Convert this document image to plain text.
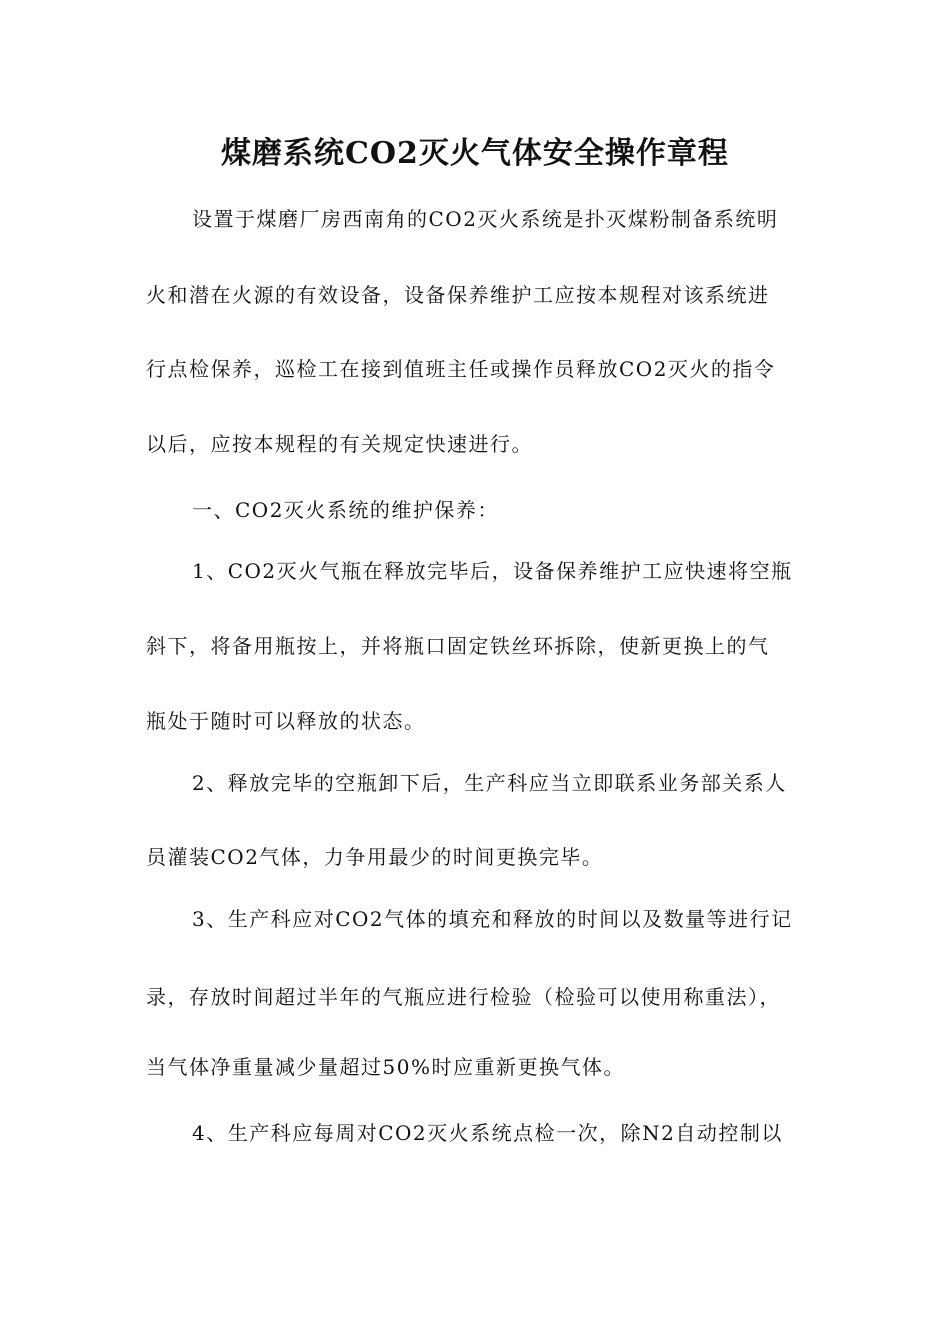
煤磨系统CO2灭火气体安全操作章程
设置于煤磨厂房西南角的CO2灭火系统是扑灭煤粉制备系统明
火和潜在火源的有效设备，设备保养维护工应按本规程对该系统进
行点检保养，巡检工在接到值班主任或操作员释放CO2灭火的指令
以后，应按本规程的有关规定快速进行。
一、CO2灭火系统的维护保养：
1、CO2灭火气瓶在释放完毕后，设备保养维护工应快速将空瓶
斜下，将备用瓶按上，并将瓶口固定铁丝环拆除，使新更换上的气
瓶处于随时可以释放的状态。
2、释放完毕的空瓶卸下后，生产科应当立即联系业务部关系人
员灌装CO2气体，力争用最少的时间更换完毕。
3、生产科应对CO2气体的填充和释放的时间以及数量等进行记
录，存放时间超过半年的气瓶应进行检验（检验可以使用称重法），
当气体净重量减少量超过50%时应重新更换气体。
4、生产科应每周对CO2灭火系统点检一次，除N2自动控制以
